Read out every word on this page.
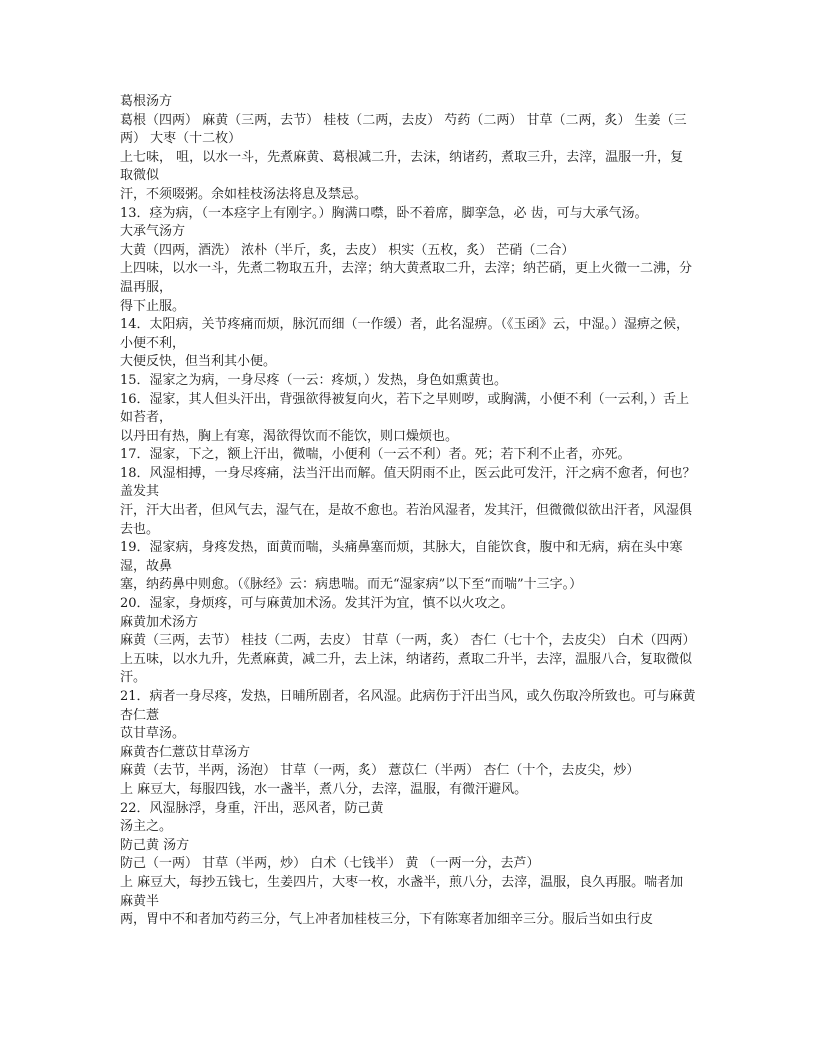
葛根汤方
葛根（四两） 麻黄（三两，去节） 桂枝（二两，去皮） 芍药（二两） 甘草（二两，炙） 生姜（三
两） 大枣（十二枚）
上七味， 咀，以水一斗，先煮麻黄、葛根减二升，去沫，纳诸药，煮取三升，去滓，温服一升，复取微似
汗，不须啜粥。余如桂枝汤法将息及禁忌。
13．痉为病，（一本痉字上有刚字。）胸满口噤，卧不着席，脚挛急，必 齿，可与大承气汤。
大承气汤方
大黄（四两，酒洗） 浓朴（半斤，炙，去皮） 枳实（五枚，炙） 芒硝（二合）
上四味，以水一斗，先煮二物取五升，去滓；纳大黄煮取二升，去滓；纳芒硝，更上火微一二沸，分温再服，
得下止服。
14．太阳病，关节疼痛而烦，脉沉而细（一作缓）者，此名湿痹。（《玉函》云，中湿。）湿痹之候，小便不利，
大便反快，但当利其小便。
15．湿家之为病，一身尽疼（一云：疼烦，）发热，身色如熏黄也。
16．湿家，其人但头汗出，背强欲得被复向火，若下之早则哕，或胸满，小便不利（一云利，）舌上如苔者，
以丹田有热，胸上有寒，渴欲得饮而不能饮，则口燥烦也。
17．湿家，下之，额上汗出，微喘，小便利（一云不利）者。死；若下利不止者，亦死。
18．风湿相搏，一身尽疼痛，法当汗出而解。值天阴雨不止，医云此可发汗，汗之病不愈者，何也？盖发其
汗，汗大出者，但风气去，湿气在，是故不愈也。若治风湿者，发其汗，但微微似欲出汗者，风湿俱去也。
19．湿家病，身疼发热，面黄而喘，头痛鼻塞而烦，其脉大，自能饮食，腹中和无病，病在头中寒湿，故鼻
塞，纳药鼻中则愈。（《脉经》云：病患喘。而无“湿家病”以下至“而喘”十三字。）
20．湿家，身烦疼，可与麻黄加术汤。发其汗为宜，慎不以火攻之。
麻黄加术汤方
麻黄（三两，去节） 桂技（二两，去皮） 甘草（一两，炙） 杏仁（七十个，去皮尖） 白术（四两）
上五味，以水九升，先煮麻黄，减二升，去上沫，纳诸药，煮取二升半，去滓，温服八合，复取微似汗。
21．病者一身尽疼，发热，日晡所剧者，名风湿。此病伤于汗出当风，或久伤取冷所致也。可与麻黄杏仁薏
苡甘草汤。
麻黄杏仁薏苡甘草汤方
麻黄（去节，半两，汤泡） 甘草（一两，炙） 薏苡仁（半两） 杏仁（十个，去皮尖，炒）
上 麻豆大，每服四钱，水一盏半，煮八分，去滓，温服，有微汗避风。
22．风湿脉浮，身重，汗出，恶风者，防己黄
汤主之。
防己黄 汤方
防己（一两） 甘草（半两，炒） 白术（七钱半） 黄 （一两一分，去芦）
上 麻豆大，每抄五钱七，生姜四片，大枣一枚，水盏半，煎八分，去滓，温服，良久再服。喘者加麻黄半
两，胃中不和者加芍药三分，气上冲者加桂枝三分，下有陈寒者加细辛三分。服后当如虫行皮
